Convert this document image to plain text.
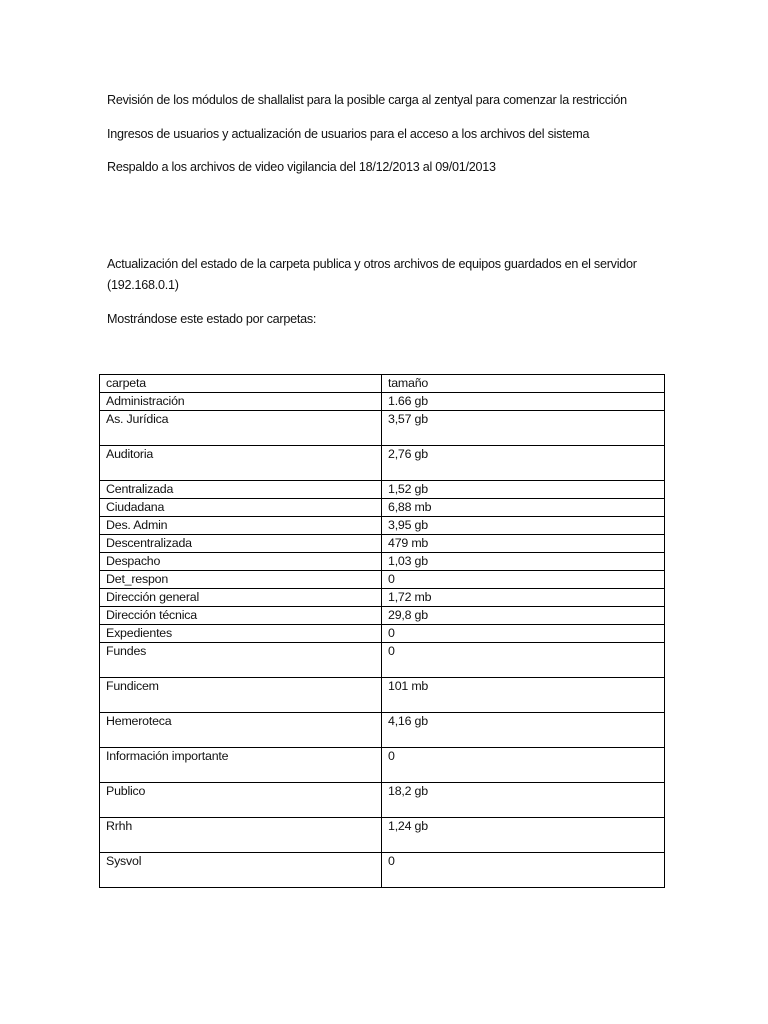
Revisión de los módulos de shallalist para la posible carga al zentyal para comenzar la restricción

Ingresos de usuarios y actualización de usuarios para el acceso a los archivos del sistema

Respaldo a los archivos de video vigilancia del 18/12/2013 al 09/01/2013

Actualización del estado de la carpeta publica y otros archivos de equipos guardados en el servidor (192.168.0.1)

Mostrándose este estado por carpetas:

carpeta	tamaño
Administración	1.66 gb
As. Jurídica	3,57 gb
Auditoria	2,76 gb
Centralizada	1,52 gb
Ciudadana	6,88 mb
Des. Admin	3,95 gb
Descentralizada	479 mb
Despacho	1,03 gb
Det_respon	0
Dirección general	1,72 mb
Dirección técnica	29,8 gb
Expedientes	0
Fundes	0
Fundicem	101 mb
Hemeroteca	4,16 gb
Información importante	0
Publico	18,2 gb
Rrhh	1,24 gb
Sysvol	0
